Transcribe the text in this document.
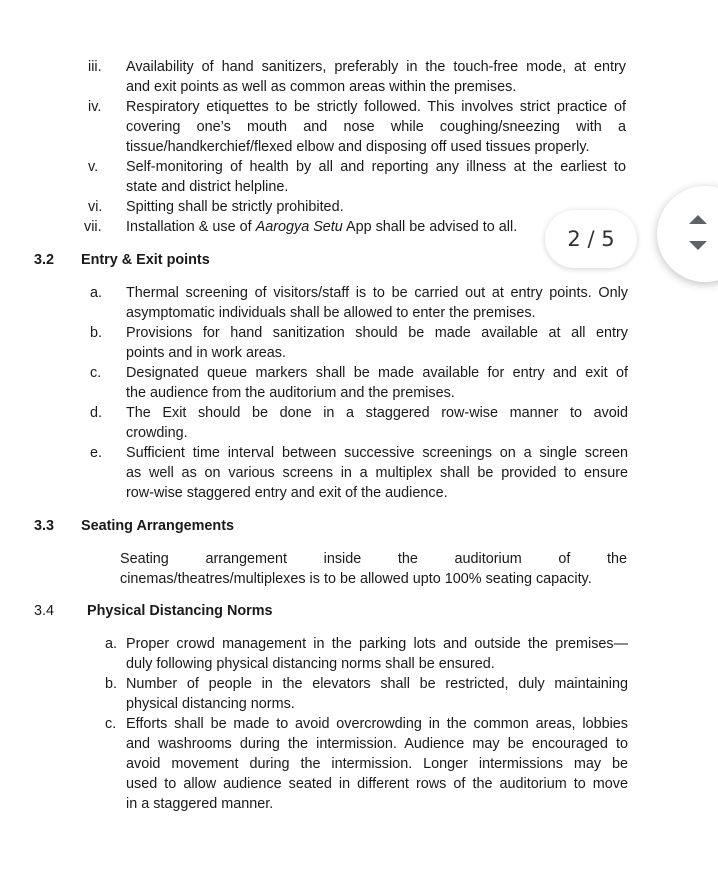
iii. Availability of hand sanitizers, preferably in the touch-free mode, at entry
and exit points as well as common areas within the premises.
iv. Respiratory etiquettes to be strictly followed. This involves strict practice of
covering one’s mouth and nose while coughing/sneezing with a
tissue/handkerchief/flexed elbow and disposing off used tissues properly.
v. Self-monitoring of health by all and reporting any illness at the earliest to
state and district helpline.
vi. Spitting shall be strictly prohibited.
vii. Installation & use of Aarogya Setu App shall be advised to all.
3.2 Entry & Exit points
a. Thermal screening of visitors/staff is to be carried out at entry points. Only
asymptomatic individuals shall be allowed to enter the premises.
b. Provisions for hand sanitization should be made available at all entry
points and in work areas.
c. Designated queue markers shall be made available for entry and exit of
the audience from the auditorium and the premises.
d. The Exit should be done in a staggered row-wise manner to avoid
crowding.
e. Sufficient time interval between successive screenings on a single screen
as well as on various screens in a multiplex shall be provided to ensure
row-wise staggered entry and exit of the audience.
3.3 Seating Arrangements
Seating arrangement inside the auditorium of the
cinemas/theatres/multiplexes is to be allowed upto 100% seating capacity.
3.4 Physical Distancing Norms
a. Proper crowd management in the parking lots and outside the premises—
duly following physical distancing norms shall be ensured.
b. Number of people in the elevators shall be restricted, duly maintaining
physical distancing norms.
c. Efforts shall be made to avoid overcrowding in the common areas, lobbies
and washrooms during the intermission. Audience may be encouraged to
avoid movement during the intermission. Longer intermissions may be
used to allow audience seated in different rows of the auditorium to move
in a staggered manner.
2 / 5
